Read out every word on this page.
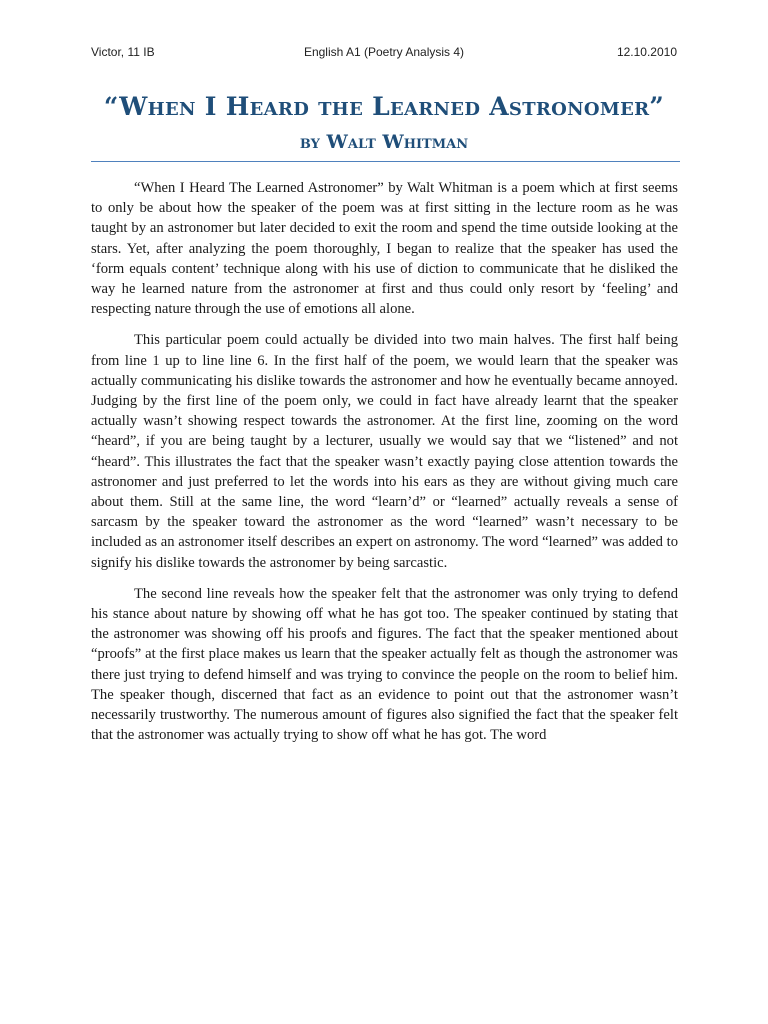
Victor, 11 IB	English A1 (Poetry Analysis 4)	12.10.2010
“When I Heard the Learned Astronomer”
by Walt Whitman

“When I Heard The Learned Astronomer” by Walt Whitman is a poem which at first seems to only be about how the speaker of the poem was at first sitting in the lecture room as he was taught by an astronomer but later decided to exit the room and spend the time outside looking at the stars. Yet, after analyzing the poem thoroughly, I began to realize that the speaker has used the ‘form equals content’ technique along with his use of diction to communicate that he disliked the way he learned nature from the astronomer at first and thus could only resort by ‘feeling’ and respecting nature through the use of emotions all alone.

This particular poem could actually be divided into two main halves. The first half being from line 1 up to line line 6. In the first half of the poem, we would learn that the speaker was actually communicating his dislike towards the astronomer and how he eventually became annoyed. Judging by the first line of the poem only, we could in fact have already learnt that the speaker actually wasn’t showing respect towards the astronomer. At the first line, zooming on the word “heard”, if you are being taught by a lecturer, usually we would say that we “listened” and not “heard”. This illustrates the fact that the speaker wasn’t exactly paying close attention towards the astronomer and just preferred to let the words into his ears as they are without giving much care about them. Still at the same line, the word “learn’d” or “learned” actually reveals a sense of sarcasm by the speaker toward the astronomer as the word “learned” wasn’t necessary to be included as an astronomer itself describes an expert on astronomy. The word “learned” was added to signify his dislike towards the astronomer by being sarcastic.

The second line reveals how the speaker felt that the astronomer was only trying to defend his stance about nature by showing off what he has got too. The speaker continued by stating that the astronomer was showing off his proofs and figures. The fact that the speaker mentioned about “proofs” at the first place makes us learn that the speaker actually felt as though the astronomer was there just trying to defend himself and was trying to convince the people on the room to belief him. The speaker though, discerned that fact as an evidence to point out that the astronomer wasn’t necessarily trustworthy. The numerous amount of figures also signified the fact that the speaker felt that the astronomer was actually trying to show off what he has got. The word
